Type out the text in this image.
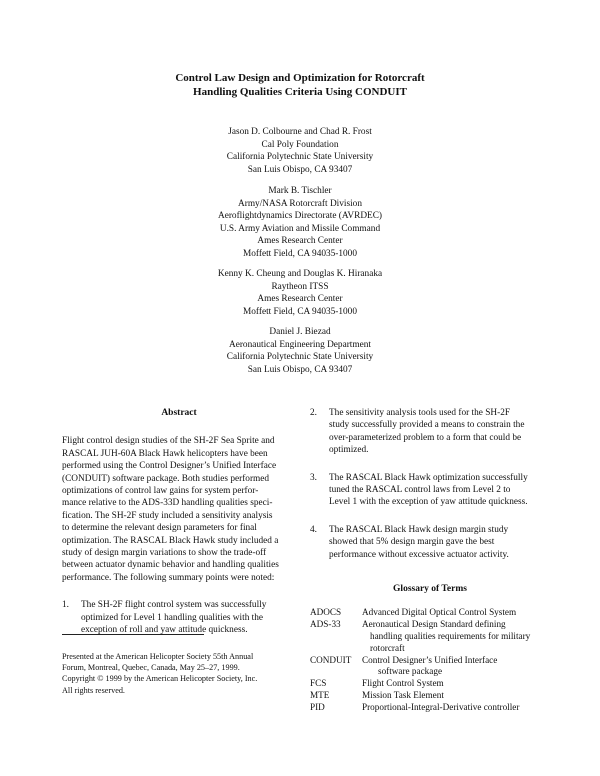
Control Law Design and Optimization for Rotorcraft
Handling Qualities Criteria Using CONDUIT
Jason D. Colbourne and Chad R. Frost
Cal Poly Foundation
California Polytechnic State University
San Luis Obispo, CA 93407
Mark B. Tischler
Army/NASA Rotorcraft Division
Aeroflightdynamics Directorate (AVRDEC)
U.S. Army Aviation and Missile Command
Ames Research Center
Moffett Field, CA 94035-1000
Kenny K. Cheung and Douglas K. Hiranaka
Raytheon ITSS
Ames Research Center
Moffett Field, CA 94035-1000
Daniel J. Biezad
Aeronautical Engineering Department
California Polytechnic State University
San Luis Obispo, CA 93407
Abstract
Flight control design studies of the SH-2F Sea Sprite and
RASCAL JUH-60A Black Hawk helicopters have been
performed using the Control Designer’s Unified Interface
(CONDUIT) software package. Both studies performed
optimizations of control law gains for system perfor-
mance relative to the ADS-33D handling qualities speci-
fication. The SH-2F study included a sensitivity analysis
to determine the relevant design parameters for final
optimization. The RASCAL Black Hawk study included a
study of design margin variations to show the trade-off
between actuator dynamic behavior and handling qualities
performance. The following summary points were noted:
1. The SH-2F flight control system was successfully
optimized for Level 1 handling qualities with the
exception of roll and yaw attitude quickness.
Presented at the American Helicopter Society 55th Annual
Forum, Montreal, Quebec, Canada, May 25–27, 1999.
Copyright © 1999 by the American Helicopter Society, Inc.
All rights reserved.
2. The sensitivity analysis tools used for the SH-2F
study successfully provided a means to constrain the
over-parameterized problem to a form that could be
optimized.
3. The RASCAL Black Hawk optimization successfully
tuned the RASCAL control laws from Level 2 to
Level 1 with the exception of yaw attitude quickness.
4. The RASCAL Black Hawk design margin study
showed that 5% design margin gave the best
performance without excessive actuator activity.
Glossary of Terms
ADOCS	Advanced Digital Optical Control System

ADS-33	Aeronautical Design Standard defining
handling qualities requirements for military
rotorcraft

CONDUIT	Control Designer’s Unified Interface
software package

FCS	Flight Control System

MTE	Mission Task Element

PID	Proportional-Integral-Derivative controller
